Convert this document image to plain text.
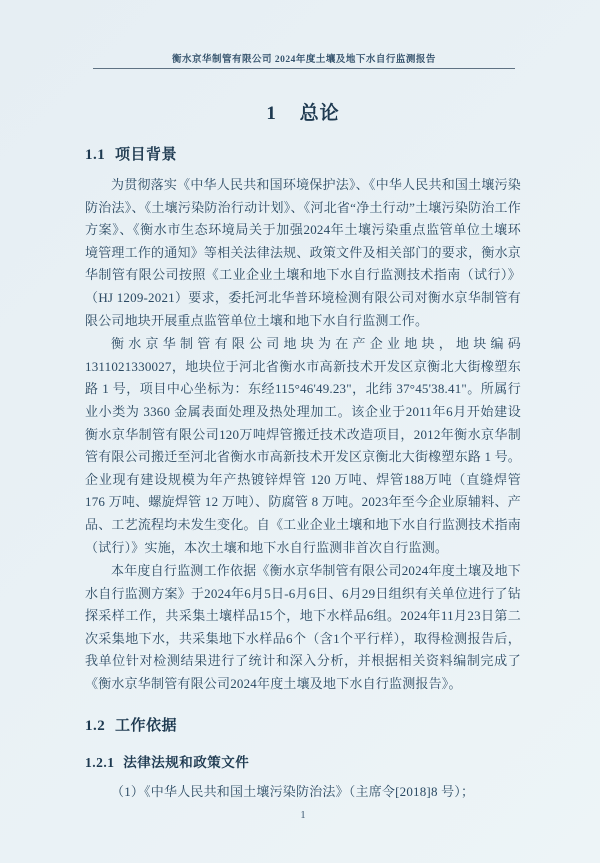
衡水京华制管有限公司 2024年度土壤及地下水自行监测报告
1 总论
1.1 项目背景

为贯彻落实《中华人民共和国环境保护法》、《中华人民共和国土壤污染防治法》、《土壤污染防治行动计划》、《河北省“净土行动”土壤污染防治工作方案》、《衡水市生态环境局关于加强2024年土壤污染重点监管单位土壤环境管理工作的通知》等相关法律法规、政策文件及相关部门的要求，衡水京华制管有限公司按照《工业企业土壤和地下水自行监测技术指南（试行）》（HJ 1209-2021）要求，委托河北华普环境检测有限公司对衡水京华制管有限公司地块开展重点监管单位土壤和地下水自行监测工作。

衡水京华制管有限公司地块为在产企业地块，地块编码 1311021330027，地块位于河北省衡水市高新技术开发区京衡北大街橡塑东路 1 号，项目中心坐标为：东经115°46'49.23"，北纬 37°45'38.41"。所属行业小类为 3360 金属表面处理及热处理加工。该企业于2011年6月开始建设衡水京华制管有限公司120万吨焊管搬迁技术改造项目，2012年衡水京华制管有限公司搬迁至河北省衡水市高新技术开发区京衡北大街橡塑东路 1 号。企业现有建设规模为年产热镀锌焊管 120 万吨、焊管188万吨（直缝焊管176 万吨、螺旋焊管 12 万吨）、防腐管 8 万吨。2023年至今企业原辅料、产品、工艺流程均未发生变化。自《工业企业土壤和地下水自行监测技术指南（试行）》实施，本次土壤和地下水自行监测非首次自行监测。

本年度自行监测工作依据《衡水京华制管有限公司2024年度土壤及地下水自行监测方案》于2024年6月5日-6月6日、6月29日组织有关单位进行了钻探采样工作，共采集土壤样品15个，地下水样品6组。2024年11月23日第二次采集地下水，共采集地下水样品6个（含1个平行样），取得检测报告后，我单位针对检测结果进行了统计和深入分析，并根据相关资料编制完成了《衡水京华制管有限公司2024年度土壤及地下水自行监测报告》。

1.2 工作依据
1.2.1 法律法规和政策文件
（1）《中华人民共和国土壤污染防治法》（主席令[2018]8 号）；
1
